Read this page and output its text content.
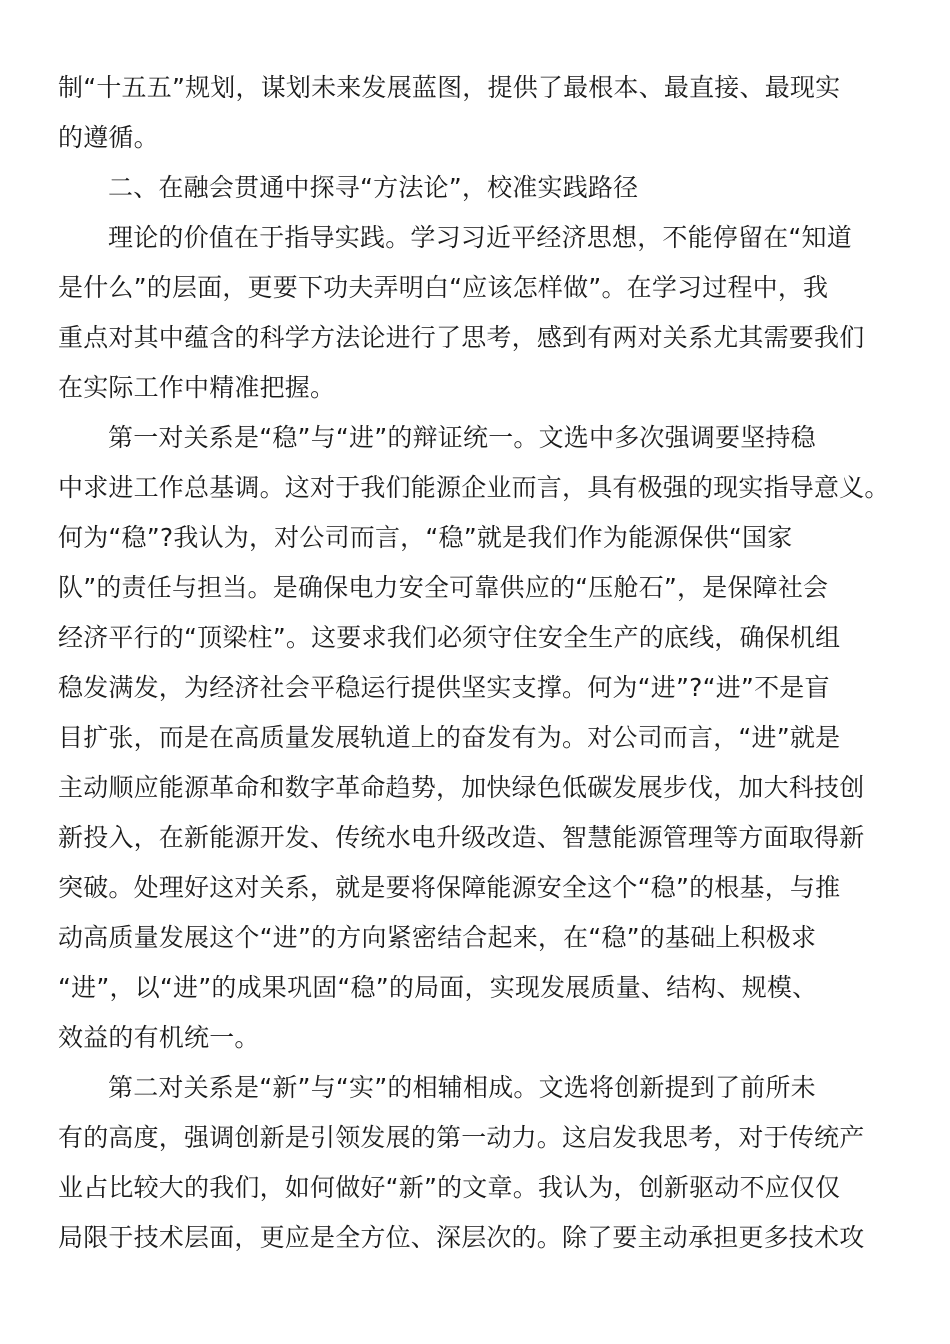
制“十五五”规划，谋划未来发展蓝图，提供了最根本、最直接、最现实
的遵循。
二、在融会贯通中探寻“方法论”，校准实践路径
理论的价值在于指导实践。学习习近平经济思想，不能停留在“知道
是什么”的层面，更要下功夫弄明白“应该怎样做”。在学习过程中，我
重点对其中蕴含的科学方法论进行了思考，感到有两对关系尤其需要我们
在实际工作中精准把握。
第一对关系是“稳”与“进”的辩证统一。文选中多次强调要坚持稳
中求进工作总基调。这对于我们能源企业而言，具有极强的现实指导意义。
何为“稳”?我认为，对公司而言，“稳”就是我们作为能源保供“国家
队”的责任与担当。是确保电力安全可靠供应的“压舱石”，是保障社会
经济平行的“顶梁柱”。这要求我们必须守住安全生产的底线，确保机组
稳发满发，为经济社会平稳运行提供坚实支撑。何为“进”?“进”不是盲
目扩张，而是在高质量发展轨道上的奋发有为。对公司而言，“进”就是
主动顺应能源革命和数字革命趋势，加快绿色低碳发展步伐，加大科技创
新投入，在新能源开发、传统水电升级改造、智慧能源管理等方面取得新
突破。处理好这对关系，就是要将保障能源安全这个“稳”的根基，与推
动高质量发展这个“进”的方向紧密结合起来，在“稳”的基础上积极求
“进”，以“进”的成果巩固“稳”的局面，实现发展质量、结构、规模、
效益的有机统一。
第二对关系是“新”与“实”的相辅相成。文选将创新提到了前所未
有的高度，强调创新是引领发展的第一动力。这启发我思考，对于传统产
业占比较大的我们，如何做好“新”的文章。我认为，创新驱动不应仅仅
局限于技术层面，更应是全方位、深层次的。除了要主动承担更多技术攻
